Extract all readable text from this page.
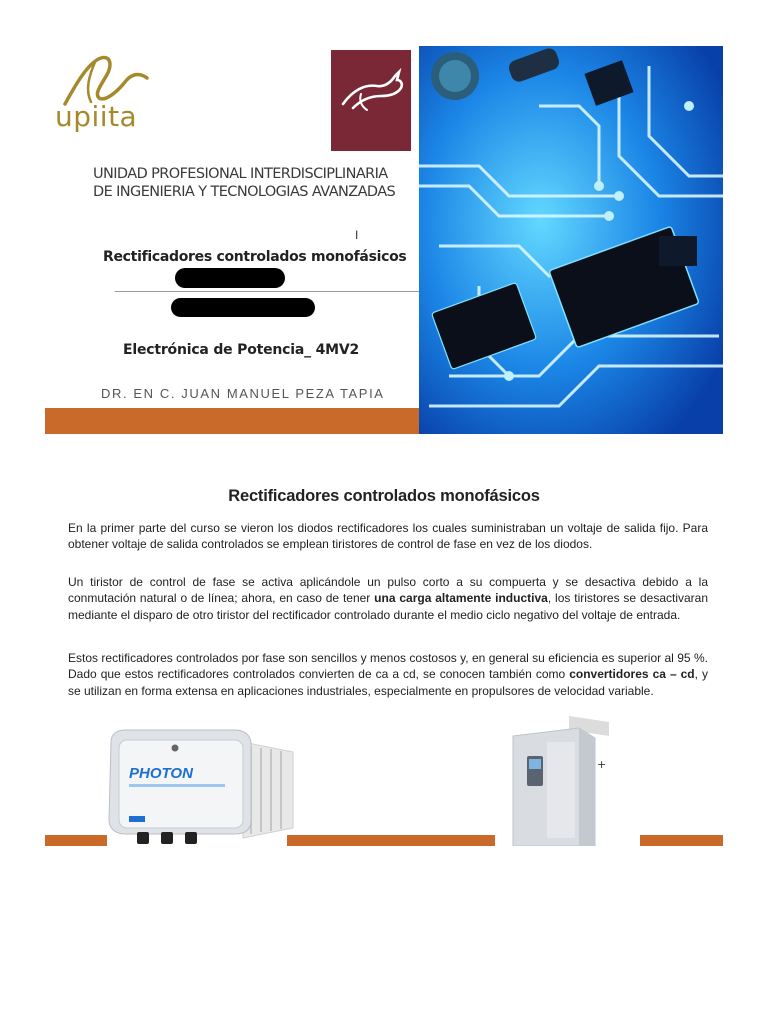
upiita
UNIDAD PROFESIONAL INTERDISCIPLINARIA
DE INGENIERIA Y TECNOLOGIAS AVANZADAS
I
Rectificadores controlados monofásicos
Electrónica de Potencia_ 4MV2
DR. EN C. JUAN MANUEL PEZA TAPIA
Rectificadores controlados monofásicos

En la primer parte del curso se vieron los diodos rectificadores los cuales suministraban un voltaje de salida fijo. Para obtener voltaje de salida controlados se emplean tiristores de control de fase en vez de los diodos.

Un tiristor de control de fase se activa aplicándole un pulso corto a su compuerta y se desactiva debido a la conmutación natural o de línea; ahora, en caso de tener una carga altamente inductiva, los tiristores se desactivaran mediante el disparo de otro tiristor del rectificador controlado durante el medio ciclo negativo del voltaje de entrada.

Estos rectificadores controlados por fase son sencillos y menos costosos y, en general su eficiencia es superior al 95 %. Dado que estos rectificadores controlados convierten de ca a cd, se conocen también como convertidores ca – cd, y se utilizan en forma extensa en aplicaciones industriales, especialmente en propulsores de velocidad variable.

PHOTON
+
